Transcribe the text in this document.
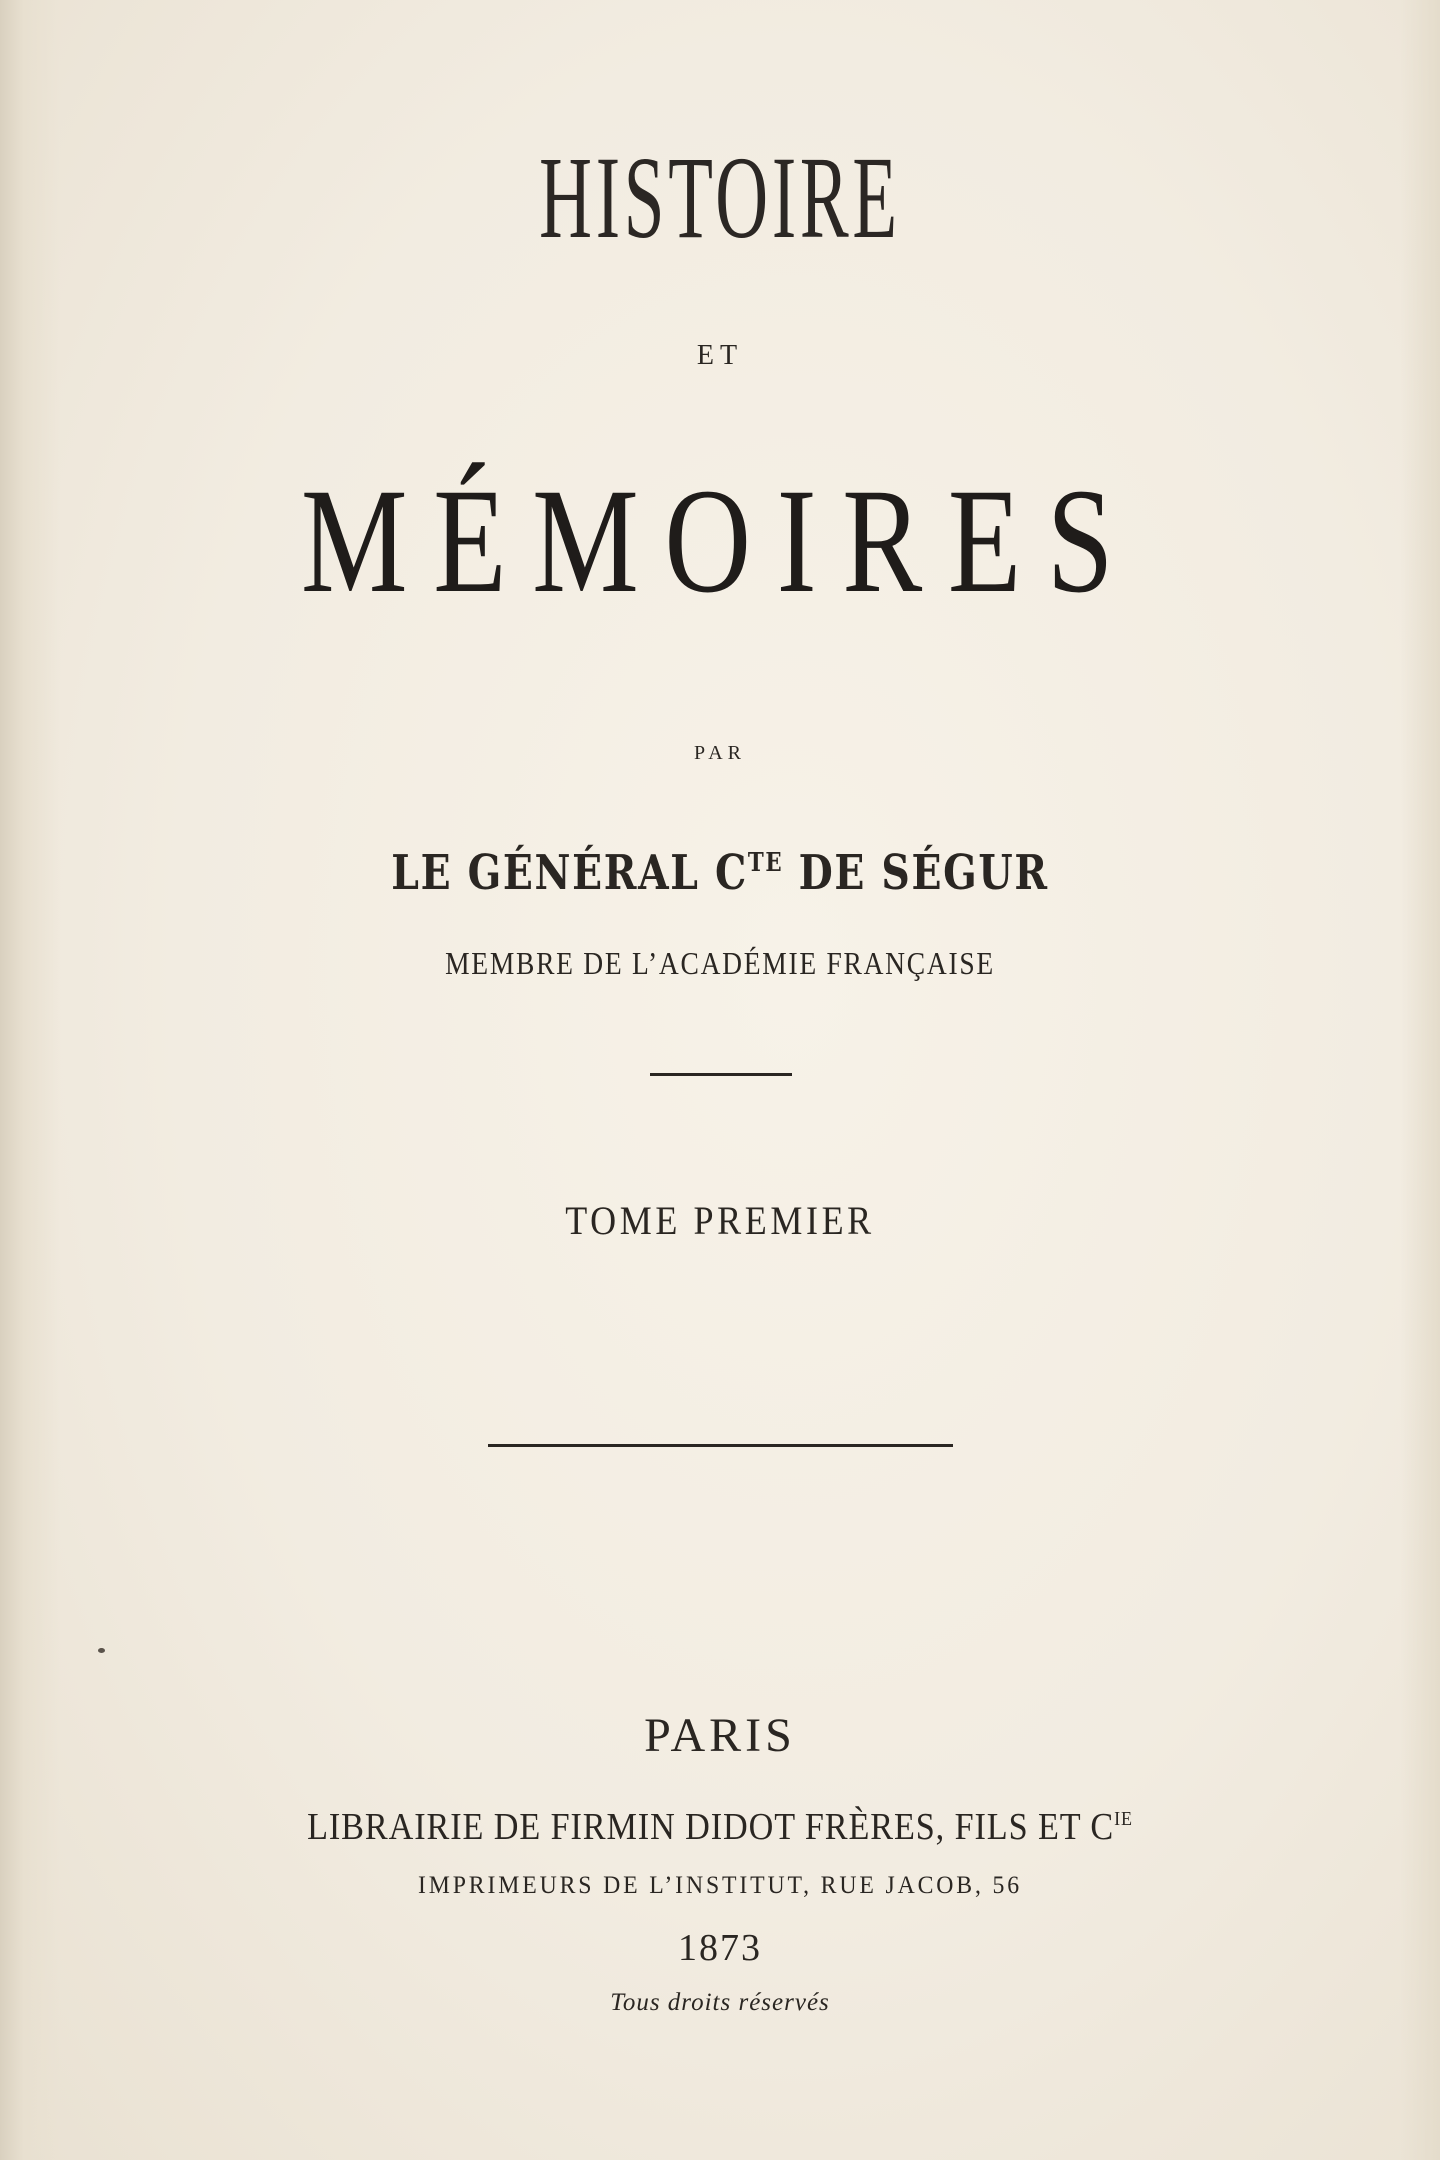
HISTOIRE
ET
MÉMOIRES
PAR
LE GÉNÉRAL $C^{TE}$ DE SÉGUR
MEMBRE DE L’ACADÉMIE FRANÇAISE
TOME PREMIER
PARIS
LIBRAIRIE DE FIRMIN DIDOT FRÈRES, FILS ET $C^{IE}$
IMPRIMEURS DE L’INSTITUT, RUE JACOB, 56
1873
Tous droits réservés
